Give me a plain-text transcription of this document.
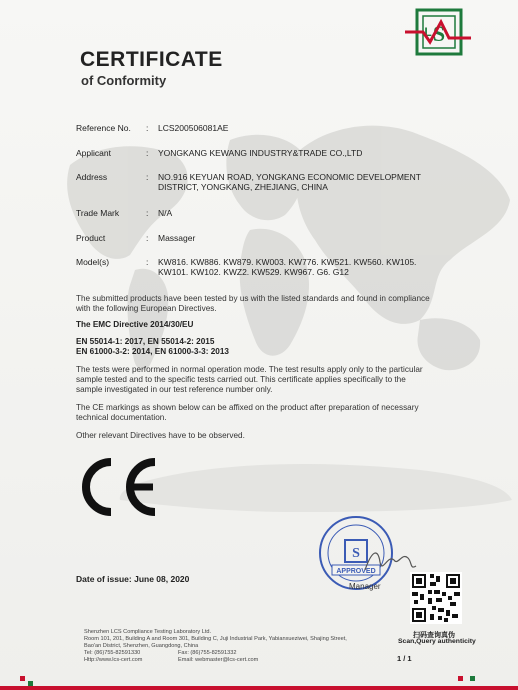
S
L
CERTIFICATE
of Conformity
Reference No. : LCS200506081AE
Applicant	: YONGKANG KEWANG INDUSTRY&TRADE CO.,LTD
Address	: NO.916 KEYUAN ROAD, YONGKANG ECONOMIC DEVELOPMENT
DISTRICT, YONGKANG, ZHEJIANG, CHINA
Trade Mark	: N/A
Product	: Massager
Model(s)	: KW816. KW886. KW879. KW003. KW776. KW521. KW560. KW105.
KW101. KW102. KWZ2. KW529. KW967. G6. G12
The submitted products have been tested by us with the listed standards and found in compliance
with the following European Directives.
The EMC Directive 2014/30/EU
EN 55014-1: 2017, EN 55014-2: 2015
EN 61000-3-2: 2014, EN 61000-3-3: 2013
The tests were performed in normal operation mode. The test results apply only to the particular
sample tested and to the specific tests carried out. This certificate applies specifically to the
sample investigated in our test reference number only.
The CE markings as shown below can be affixed on the product after preparation of necessary
technical documentation.
Other relevant Directives have to be observed.
S
APPROVED
Manager
Date of issue: June 08, 2020
扫码查询真伪
Scan,Query authenticity
Shenzhen LCS Compliance Testing Laboratory Ltd.
Room 101, 201, Building A and Room 301, Building C, Juji Industrial Park, Yabianxueziwei, Shajing Street,
Bao'an District, Shenzhen, Guangdong, China
Tel: (86)755-82591330
Http://www.lcs-cert.com
Fax: (86)755-82591332
Email: webmaster@lcs-cert.com	1 / 1
